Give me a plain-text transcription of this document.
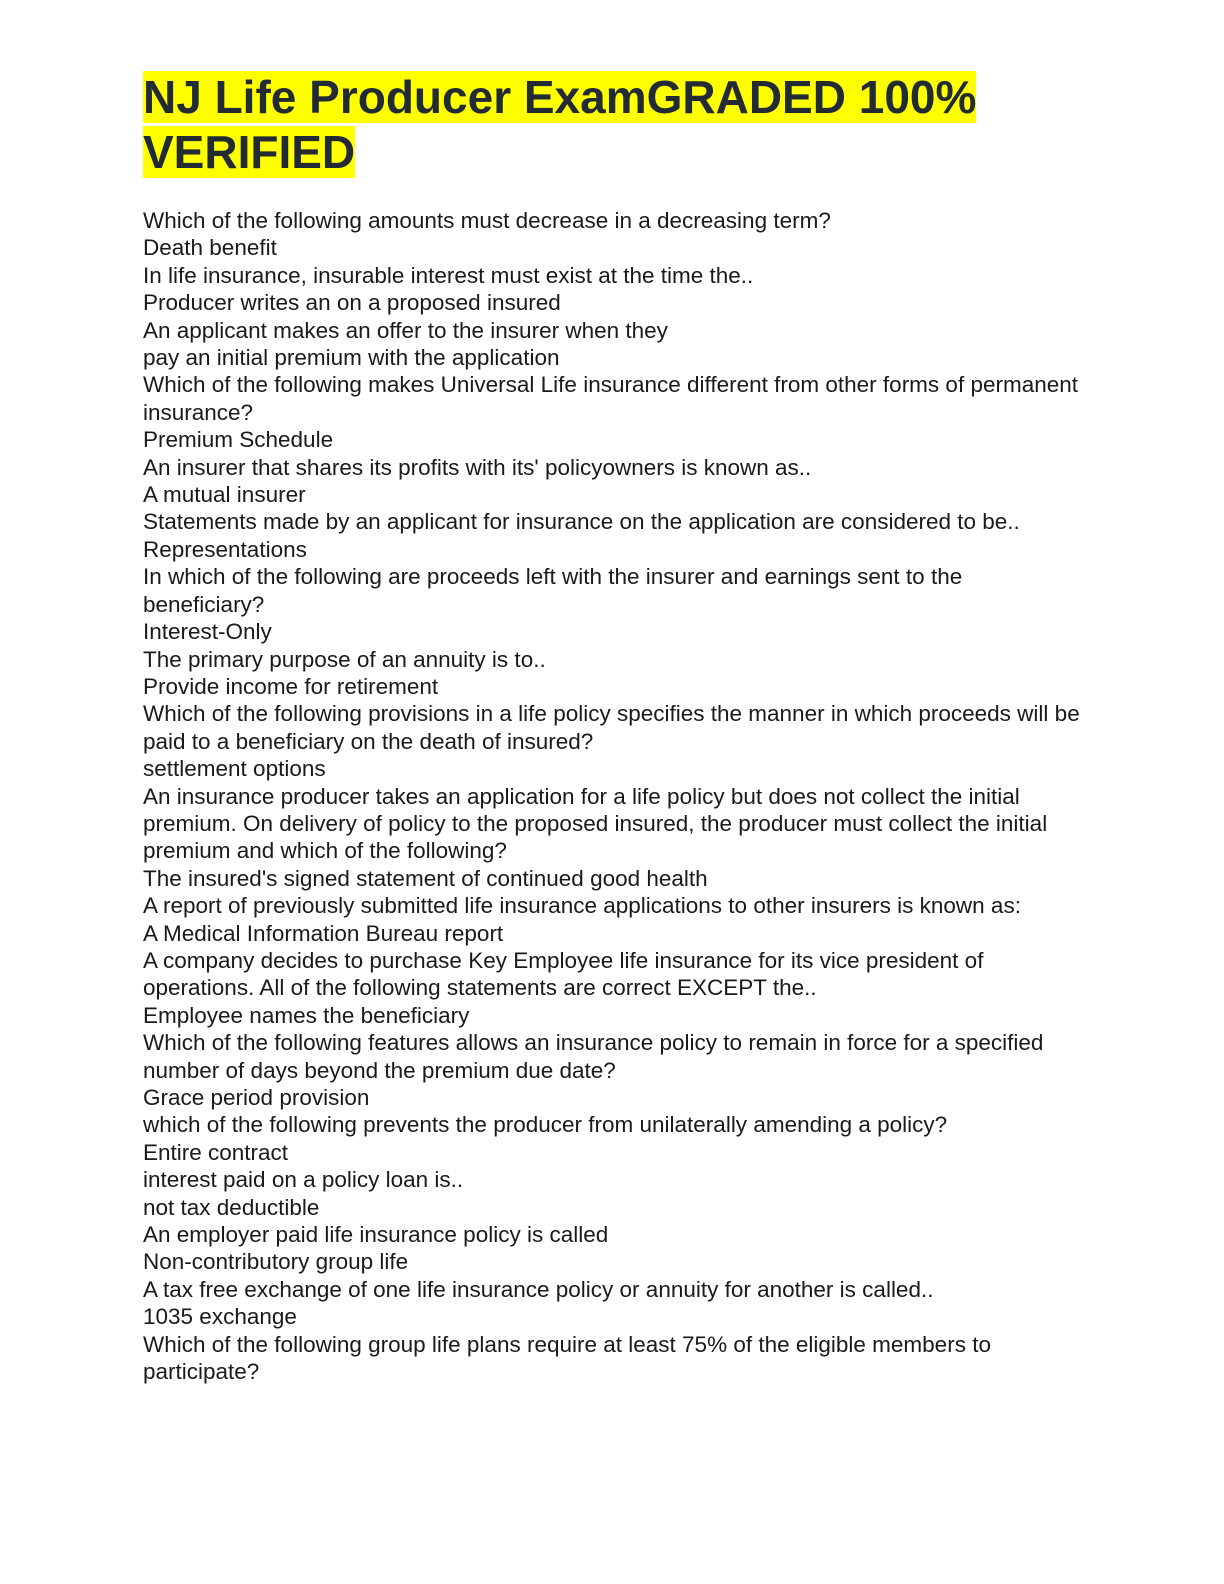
NJ Life Producer ExamGRADED 100% VERIFIED
Which of the following amounts must decrease in a decreasing term?
Death benefit
In life insurance, insurable interest must exist at the time the..
Producer writes an on a proposed insured
An applicant makes an offer to the insurer when they
pay an initial premium with the application
Which of the following makes Universal Life insurance different from other forms of permanent insurance?
Premium Schedule
An insurer that shares its profits with its' policyowners is known as..
A mutual insurer
Statements made by an applicant for insurance on the application are considered to be..
Representations
In which of the following are proceeds left with the insurer and earnings sent to the beneficiary?
Interest-Only
The primary purpose of an annuity is to..
Provide income for retirement
Which of the following provisions in a life policy specifies the manner in which proceeds will be paid to a beneficiary on the death of insured?
settlement options
An insurance producer takes an application for a life policy but does not collect the initial premium. On delivery of policy to the proposed insured, the producer must collect the initial premium and which of the following?
The insured's signed statement of continued good health
A report of previously submitted life insurance applications to other insurers is known as:
A Medical Information Bureau report
A company decides to purchase Key Employee life insurance for its vice president of operations. All of the following statements are correct EXCEPT the..
Employee names the beneficiary
Which of the following features allows an insurance policy to remain in force for a specified number of days beyond the premium due date?
Grace period provision
which of the following prevents the producer from unilaterally amending a policy?
Entire contract
interest paid on a policy loan is..
not tax deductible
An employer paid life insurance policy is called
Non-contributory group life
A tax free exchange of one life insurance policy or annuity for another is called..
1035 exchange
Which of the following group life plans require at least 75% of the eligible members to participate?
